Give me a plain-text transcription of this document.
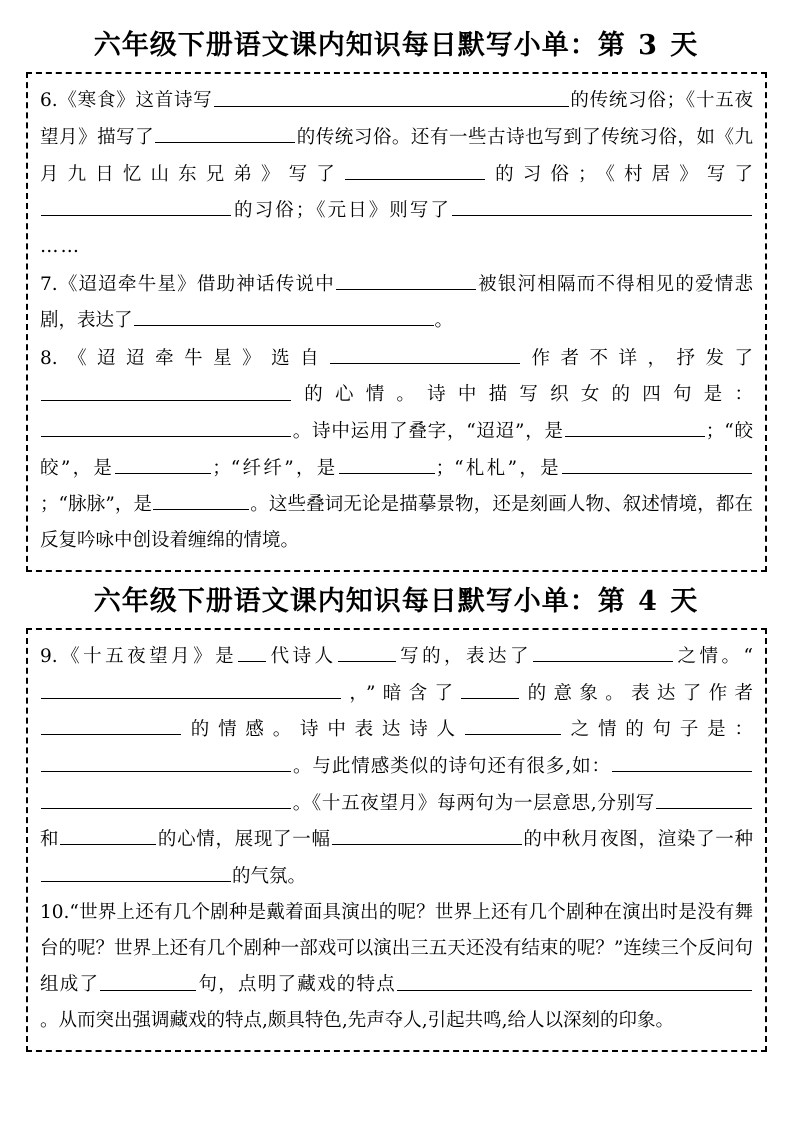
六年级下册语文课内知识每日默写小单：第 3 天
6.《寒食》这首诗写	的传统习俗；《十五夜望月》描写了	的传统习俗。还有一些古诗也写到了传统习俗，如《九月九日忆山东兄弟》写了	的习俗；《村居》写了的习俗；《元日》则写了……
7.《迢迢牵牛星》借助神话传说中	被银河相隔而不得相见的爱情悲剧，表达了	。
8.《迢迢牵牛星》选自	作者不详，抒发了的心情。诗中描写织女的四句是：。诗中运用了叠字，“迢迢”，是	；“皎皎”，是	；“纤纤”，是	；“札札”，是；“脉脉”，是	。这些叠词无论是描摹景物，还是刻画人物、叙述情境，都在反复吟咏中创设着缠绵的情境。
六年级下册语文课内知识每日默写小单：第 4 天
9.《十五夜望月》是 代诗人	写的，表达了	之情。“，”暗含了	的意象。表达了作者的情感。诗中表达诗人	之情的句子是：。与此情感类似的诗句还有很多,如：。《十五夜望月》每两句为一层意思,分别写和	的心情，展现了一幅	的中秋月夜图，渲染了一种的气氛。
10.“世界上还有几个剧种是戴着面具演出的呢？世界上还有几个剧种在演出时是没有舞台的呢？世界上还有几个剧种一部戏可以演出三五天还没有结束的呢？”连续三个反问句组成了	句，点明了藏戏的特点。从而突出强调藏戏的特点,颇具特色,先声夺人,引起共鸣,给人以深刻的印象。
